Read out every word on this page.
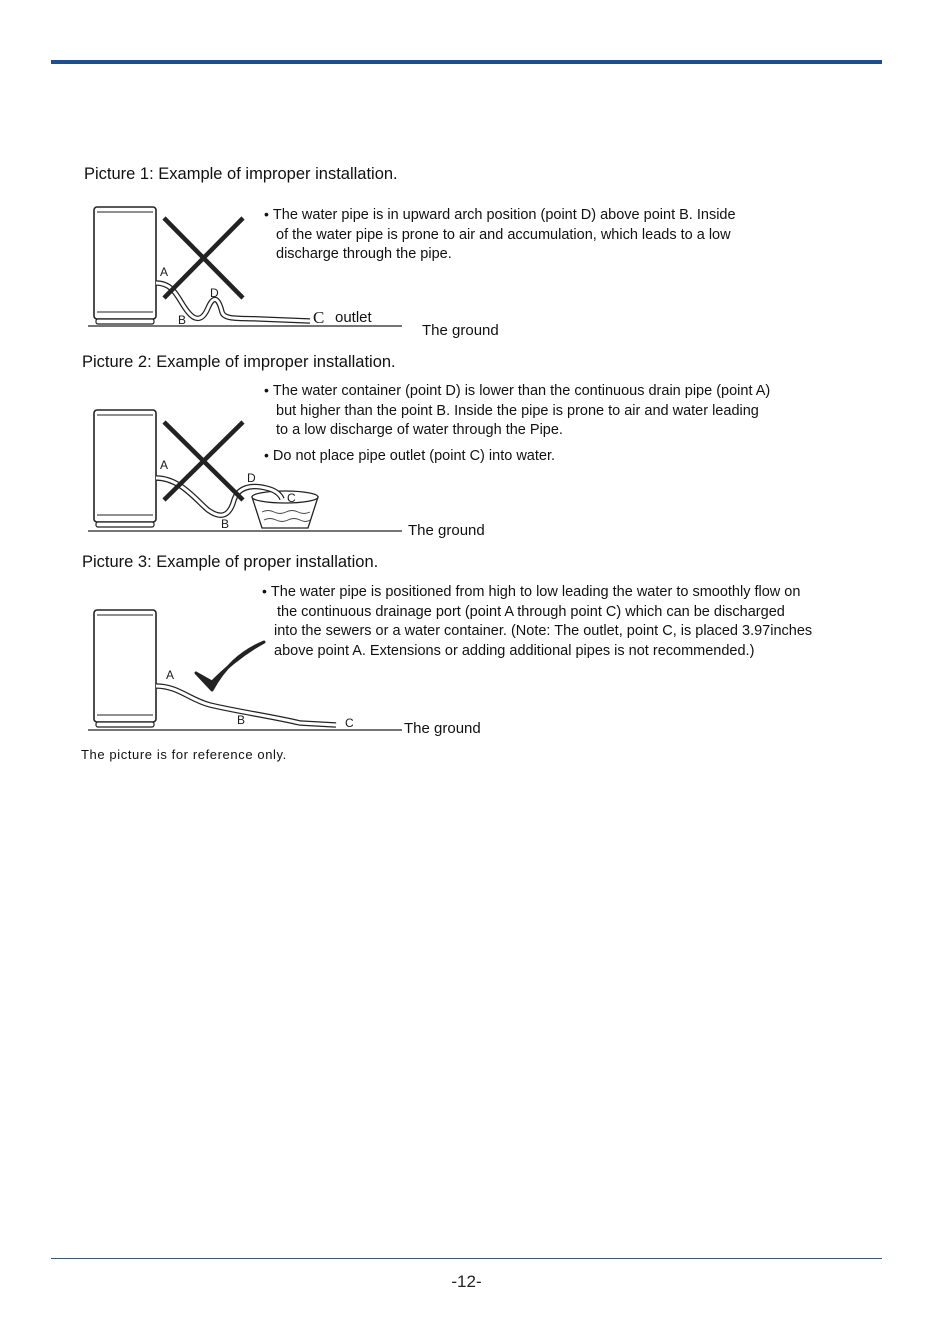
A
B
D
C
A
B
C
D
A
B	C
Picture 1: Example of improper installation.
• The water pipe is in upward arch position (point D) above point B. Inside
of the water pipe is prone to air and accumulation, which leads to a low
discharge through the pipe.
outlet
The ground
Picture 2: Example of improper installation.
• The water container (point D) is lower than the continuous drain pipe (point A)
but higher than the point B. Inside the pipe is prone to air and water leading
to a low discharge of water through the Pipe.
• Do not place pipe outlet (point C) into water.
The ground
Picture 3: Example of proper installation.
• The water pipe is positioned from high to low leading the water to smoothly flow on
the continuous drainage port (point A through point C) which can be discharged
into the sewers or a water container. (Note: The outlet, point C, is placed 3.97inches
above point A. Extensions or adding additional pipes is not recommended.)
The ground
The picture is for reference only.
-12-
